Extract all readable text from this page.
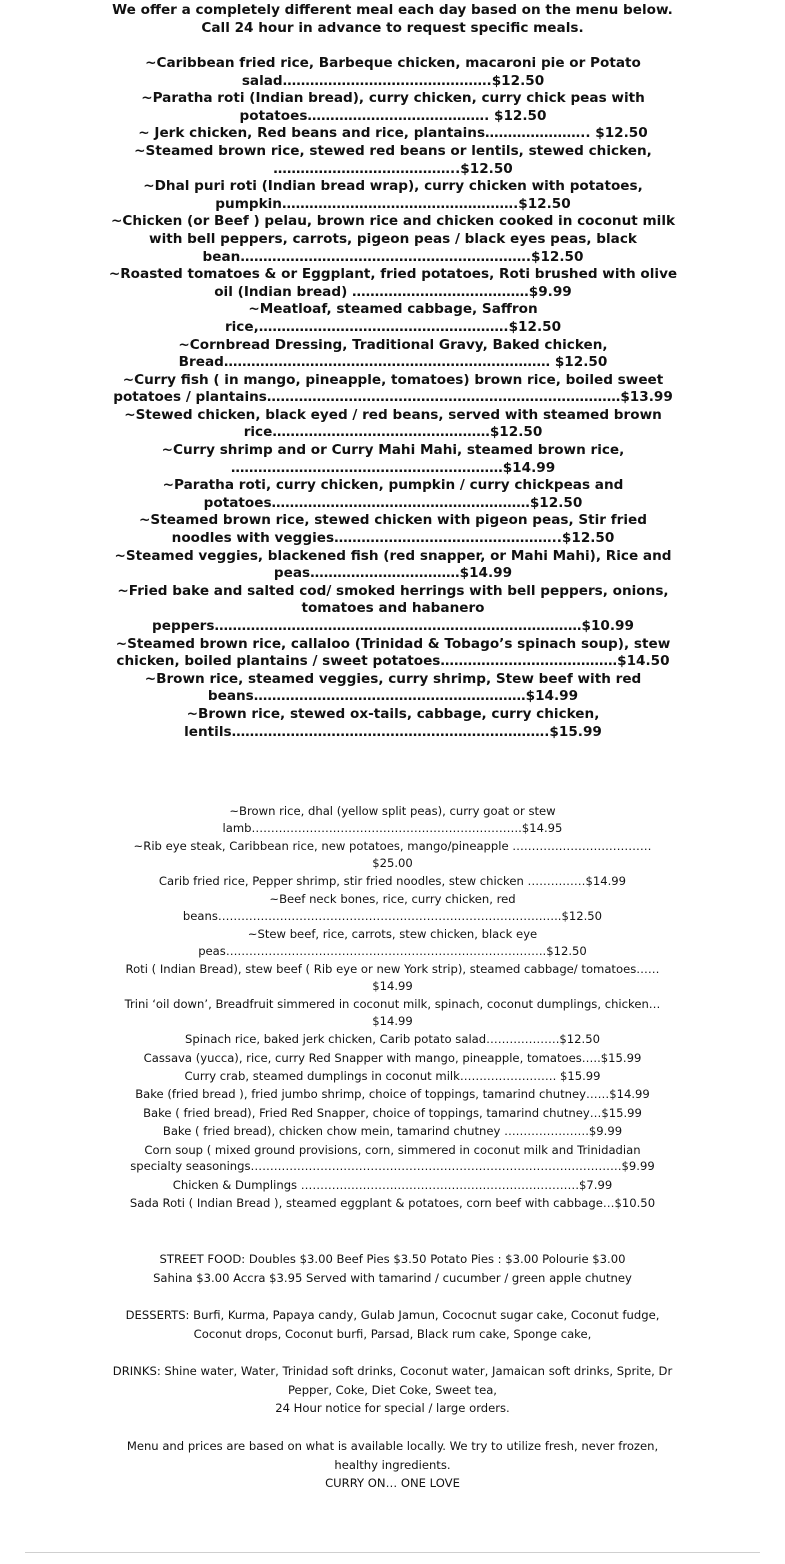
We offer a completely different meal each day based on the menu below.
Call 24 hour in advance to request specific meals.

~Caribbean fried rice, Barbeque chicken, macaroni pie or Potato salad……………………………………….$12.50

~Paratha roti (Indian bread), curry chicken, curry chick peas with potatoes…………………………………. $12.50

~ Jerk chicken, Red beans and rice, plantains………………….. $12.50

~Steamed brown rice, stewed red beans or lentils, stewed chicken, …………………………………..$12.50

~Dhal puri roti (Indian bread wrap), curry chicken with potatoes, pumpkin…………………………………………….$12.50

~Chicken (or Beef ) pelau, brown rice and chicken cooked in coconut milk with bell peppers, carrots, pigeon peas / black eyes peas, black bean……………………………………………………….$12.50

~Roasted tomatoes & or Eggplant, fried potatoes, Roti brushed with olive oil (Indian bread) …………………………………$9.99

~Meatloaf, steamed cabbage, Saffron rice,……………………………………………….$12.50

~Cornbread Dressing, Traditional Gravy, Baked chicken, Bread……………………………………………………………… $12.50

~Curry fish ( in mango, pineapple, tomatoes) brown rice, boiled sweet potatoes / plantains……………………………………………………………………$13.99

~Stewed chicken, black eyed / red beans, served with steamed brown rice…………………………………………$12.50

~Curry shrimp and or Curry Mahi Mahi, steamed brown rice, ……………………………………………………$14.99

~Paratha roti, curry chicken, pumpkin / curry chickpeas and potatoes…………………………………………………$12.50

~Steamed brown rice, stewed chicken with pigeon peas, Stir fried noodles with veggies…………………………………………..$12.50

~Steamed veggies, blackened fish (red snapper, or Mahi Mahi), Rice and peas……………………………$14.99

~Fried bake and salted cod/ smoked herrings with bell peppers, onions, tomatoes and habanero peppers………………………………………………………………………$10.99

~Steamed brown rice, callaloo (Trinidad & Tobago’s spinach soup), stew chicken, boiled plantains / sweet potatoes…………………………………$14.50

~Brown rice, steamed veggies, curry shrimp, Stew beef with red beans……………………………………………………$14.99

~Brown rice, stewed ox-tails, cabbage, curry chicken, lentils…………………………………………………………….$15.99

~Brown rice, dhal (yellow split peas), curry goat or stew lamb…………………………………………………………….$14.95

~Rib eye steak, Caribbean rice, new potatoes, mango/pineapple ………………………………$25.00

Carib fried rice, Pepper shrimp, stir fried noodles, stew chicken ……………$14.99

~Beef neck bones, rice, curry chicken, red beans……………………………………………………………………………..$12.50

~Stew beef, rice, carrots, stew chicken, black eye peas………………………………………………………………………..$12.50

Roti ( Indian Bread), stew beef ( Rib eye or new York strip), steamed cabbage/ tomatoes……$14.99

Trini ‘oil down’, Breadfruit simmered in coconut milk, spinach, coconut dumplings, chicken…$14.99

Spinach rice, baked jerk chicken, Carib potato salad……………….$12.50

Cassava (yucca), rice, curry Red Snapper with mango, pineapple, tomatoes…..$15.99

Curry crab, steamed dumplings in coconut milk……………………. $15.99

Bake (fried bread ), fried jumbo shrimp, choice of toppings, tamarind chutney……$14.99

Bake ( fried bread), Fried Red Snapper, choice of toppings, tamarind chutney…$15.99

Bake ( fried bread), chicken chow mein, tamarind chutney ………………….$9.99

Corn soup ( mixed ground provisions, corn, simmered in coconut milk and Trinidadian specialty seasonings……………………………………………………………………………………$9.99

Chicken & Dumplings ………………………………………………………………$7.99

Sada Roti ( Indian Bread ), steamed eggplant & potatoes, corn beef with cabbage…$10.50

STREET FOOD: Doubles $3.00 Beef Pies $3.50 Potato Pies : $3.00 Polourie $3.00

Sahina $3.00 Accra $3.95 Served with tamarind / cucumber / green apple chutney

DESSERTS: Burfi, Kurma, Papaya candy, Gulab Jamun, Cococnut sugar cake, Coconut fudge, Coconut drops, Coconut burfi, Parsad, Black rum cake, Sponge cake,

DRINKS: Shine water, Water, Trinidad soft drinks, Coconut water, Jamaican soft drinks, Sprite, Dr Pepper, Coke, Diet Coke, Sweet tea,

24 Hour notice for special / large orders.

Menu and prices are based on what is available locally. We try to utilize fresh, never frozen, healthy ingredients.

CURRY ON… ONE LOVE
